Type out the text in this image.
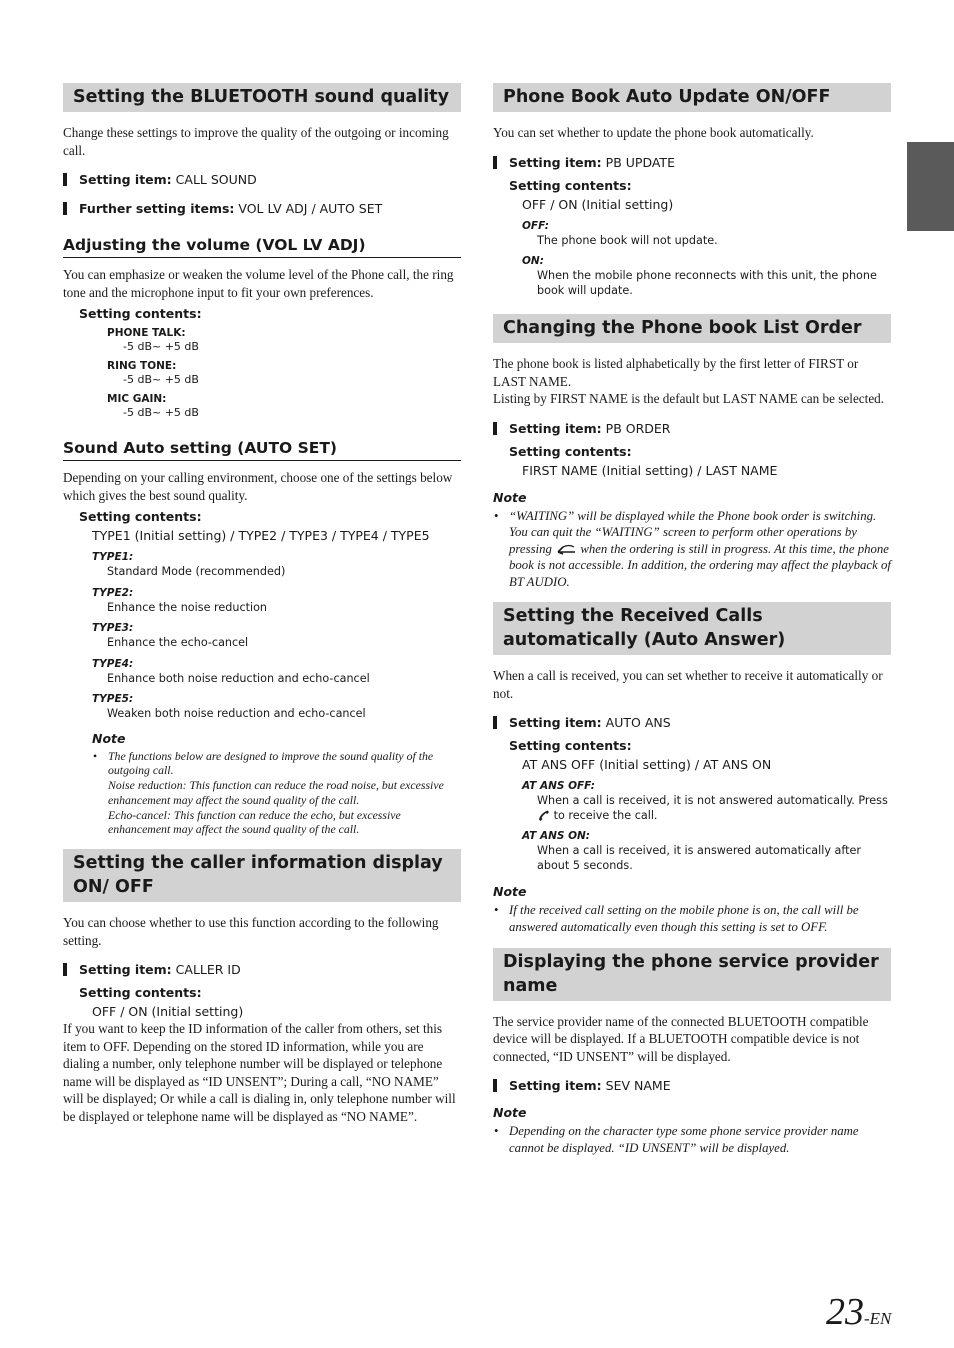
Setting the BLUETOOTH sound quality

Change these settings to improve the quality of the outgoing or incoming call.

Setting item: CALL SOUND
Further setting items: VOL LV ADJ / AUTO SET
Adjusting the volume (VOL LV ADJ)

You can emphasize or weaken the volume level of the Phone call, the ring tone and the microphone input to fit your own preferences.

Setting contents:
PHONE TALK:
-5 dB~ +5 dB
RING TONE:
-5 dB~ +5 dB
MIC GAIN:
-5 dB~ +5 dB
Sound Auto setting (AUTO SET)

Depending on your calling environment, choose one of the settings below which gives the best sound quality.

Setting contents:
TYPE1 (Initial setting) / TYPE2 / TYPE3 / TYPE4 / TYPE5
TYPE1:
Standard Mode (recommended)
TYPE2:
Enhance the noise reduction
TYPE3:
Enhance the echo-cancel
TYPE4:
Enhance both noise reduction and echo-cancel
TYPE5:
Weaken both noise reduction and echo-cancel
Note
• The functions below are designed to improve the sound quality of the outgoing call.
Noise reduction: This function can reduce the road noise, but excessive enhancement may affect the sound quality of the call.
Echo-cancel: This function can reduce the echo, but excessive enhancement may affect the sound quality of the call.
Setting the caller information display ON/ OFF

You can choose whether to use this function according to the following setting.

Setting item: CALLER ID
Setting contents:
OFF / ON (Initial setting)

If you want to keep the ID information of the caller from others, set this item to OFF. Depending on the stored ID information, while you are dialing a number, only telephone number will be displayed or telephone name will be displayed as “ID UNSENT”; During a call, “NO NAME” will be displayed; Or while a call is dialing in, only telephone number will be displayed or telephone name will be displayed as “NO NAME”.

Phone Book Auto Update ON/OFF

You can set whether to update the phone book automatically.

Setting item: PB UPDATE
Setting contents:
OFF / ON (Initial setting)
OFF:
The phone book will not update.
ON:
When the mobile phone reconnects with this unit, the phone book will update.
Changing the Phone book List Order

The phone book is listed alphabetically by the first letter of FIRST or LAST NAME.

Listing by FIRST NAME is the default but LAST NAME can be selected.

Setting item: PB ORDER
Setting contents:
FIRST NAME (Initial setting) / LAST NAME
Note
• “WAITING” will be displayed while the Phone book order is switching. You can quit the “WAITING” screen to perform other operations by pressing when the ordering is still in progress. At this time, the phone book is not accessible. In addition, the ordering may affect the playback of BT AUDIO.
Setting the Received Calls automatically (Auto Answer)

When a call is received, you can set whether to receive it automatically or not.

Setting item: AUTO ANS
Setting contents:
AT ANS OFF (Initial setting) / AT ANS ON
AT ANS OFF:
When a call is received, it is not answered automatically. Press  to receive the call.
AT ANS ON:
When a call is received, it is answered automatically after about 5 seconds.
Note
• If the received call setting on the mobile phone is on, the call will be answered automatically even though this setting is set to OFF.
Displaying the phone service provider name

The service provider name of the connected BLUETOOTH compatible device will be displayed. If a BLUETOOTH compatible device is not connected, “ID UNSENT” will be displayed.

Setting item: SEV NAME
Note
• Depending on the character type some phone service provider name cannot be displayed. “ID UNSENT” will be displayed.
23-EN
